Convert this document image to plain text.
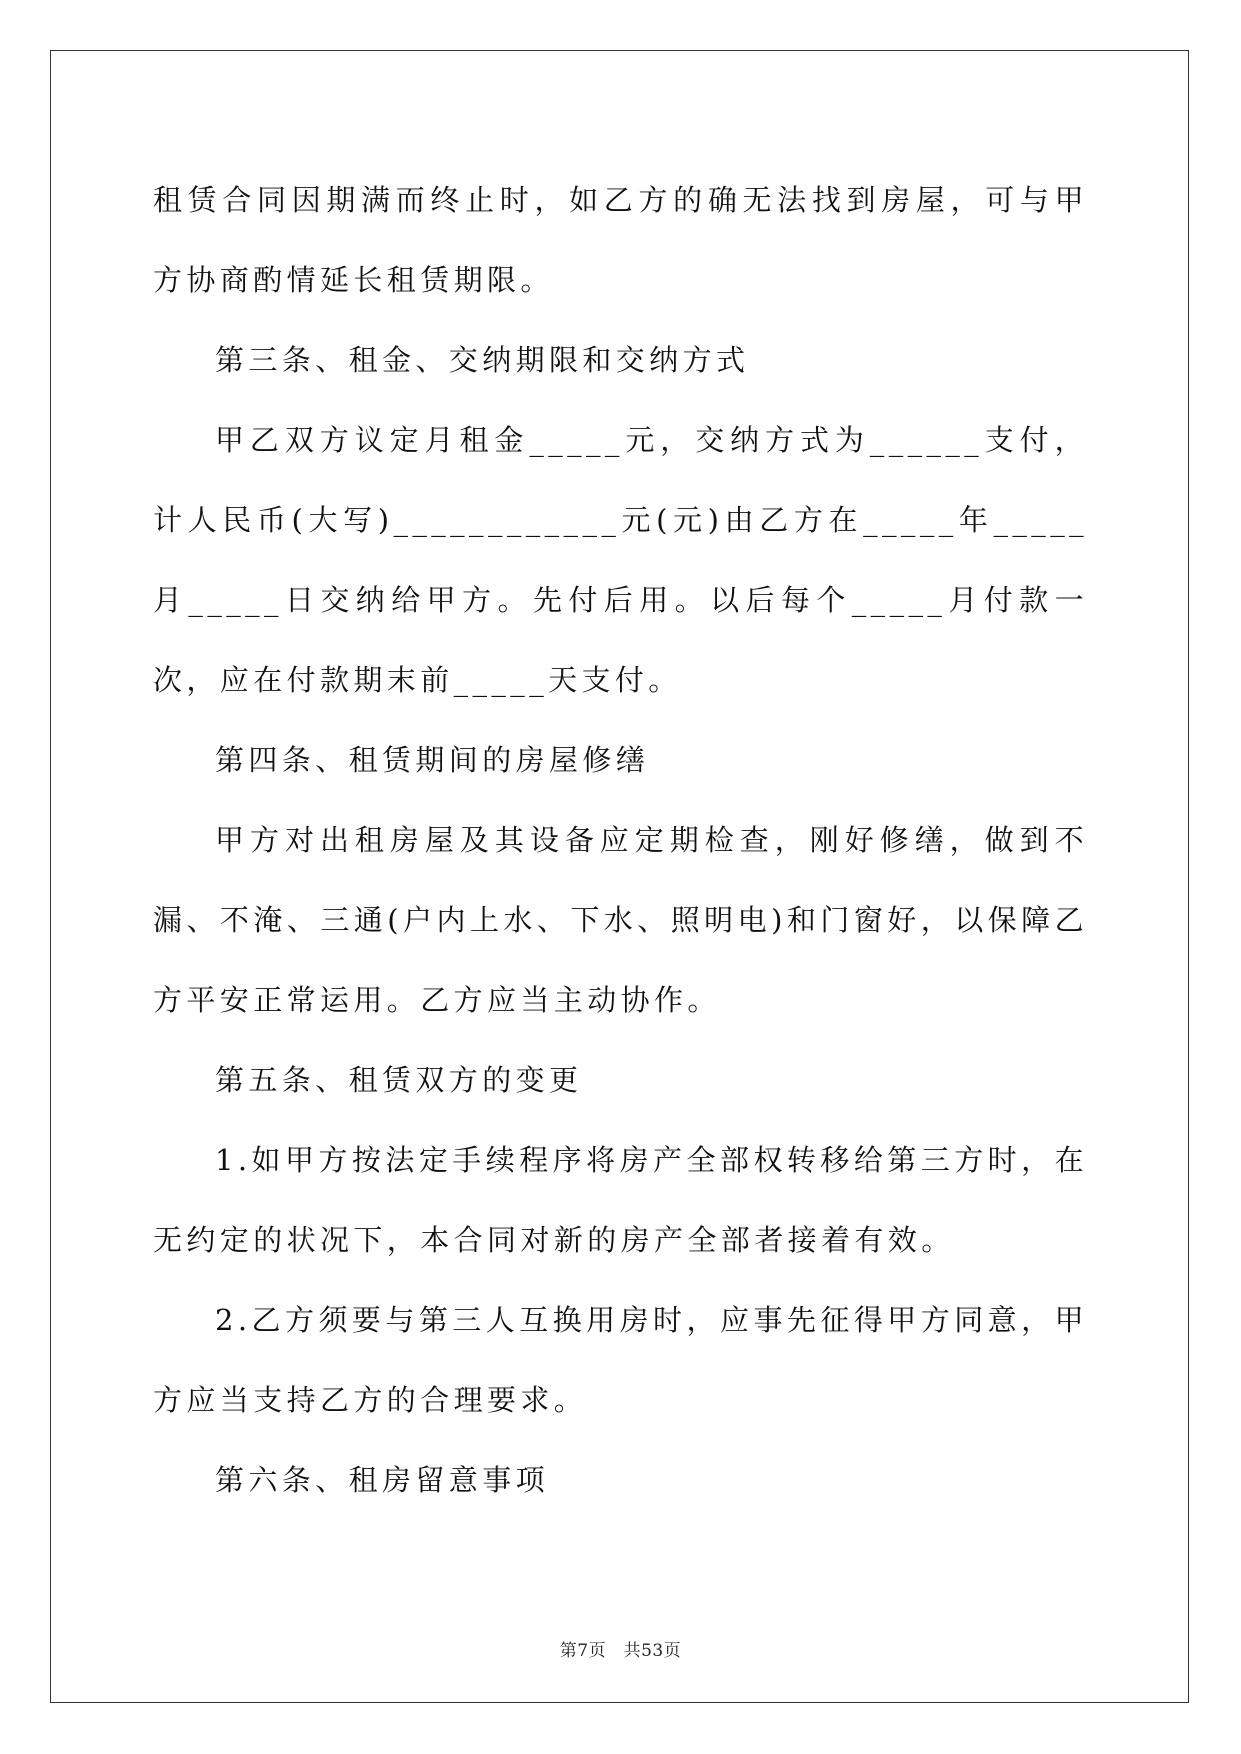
租赁合同因期满而终止时，如乙方的确无法找到房屋，可与甲方协商酌情延长租赁期限。

第三条、租金、交纳期限和交纳方式

甲乙双方议定月租金_____元，交纳方式为______支付，计人民币(大写)____________元(元)由乙方在_____年_____月_____日交纳给甲方。先付后用。以后每个_____月付款一次，应在付款期末前_____天支付。

第四条、租赁期间的房屋修缮

甲方对出租房屋及其设备应定期检查，刚好修缮，做到不漏、不淹、三通(户内上水、下水、照明电)和门窗好，以保障乙方平安正常运用。乙方应当主动协作。

第五条、租赁双方的变更

1.如甲方按法定手续程序将房产全部权转移给第三方时，在无约定的状况下，本合同对新的房产全部者接着有效。

2.乙方须要与第三人互换用房时，应事先征得甲方同意，甲方应当支持乙方的合理要求。

第六条、租房留意事项

第7页　共53页
